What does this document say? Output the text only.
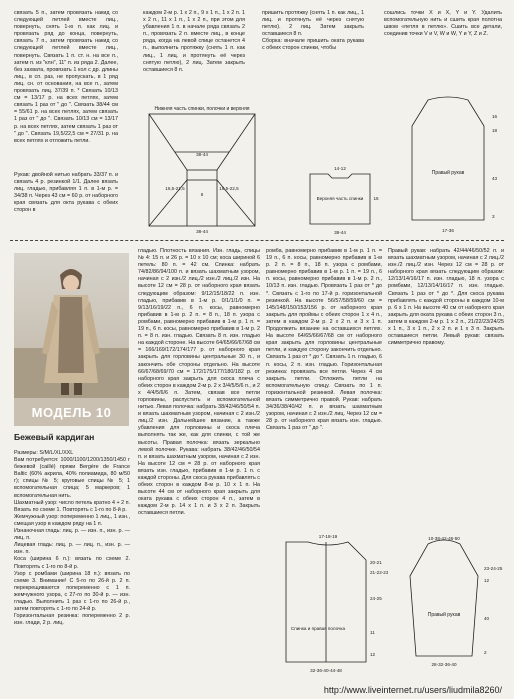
связать 5 п., затем провязать накид со следующей петлей вместе лиц., повернуть, снять 1-ю п. как лиц. и провязать ряд до конца, повернуть, связать 7 п., затем провязать накид со следующей петлей вместе лиц., повернуть. Связать 1 п. ст. н. на все п., затем п. из "клн", 11" п. из ряда 2. Далее, без захвата, провязать 1 кол с др. длины лиц., в сп. раз, не пропускать, в 1 ряд лиц. сн. от основания, на все п., затем провязать лиц. 37/39 п. * Связать 10/13 см = 13/17 р. на всех петлях, затем связать 1 раз от " до ". Связать 38/44 см = 55/61 р. на всех петлях, затем связать 1 раз от " до ". Связать 10/13 см = 13/17 р. на всех петлях, затем связать 1 раз от " до ". Связать 19,5/22,5 см = 27/31 р. на всех петлях и отложить петли.

Рукав: двойной нитью набрать 33/37 п. и связать 4 р. резинкой 1/1. Далее вязать лиц. гладью, прибавляя 1 п. в 1-м р. = 34/38 п. Через 43 см = 60 р. от наборного края связать для окта рукава с обеих сторон в

каждом 2-м р. 1 x 2 п., 9 x 1 п., 1 x 2 п. 1 x 2 п., 11 x 1 п., 1 x 2 п., при этом для убавления 1 п. в начале ряда связать 2 п., провязать 2 п. вместе лиц., в конце ряда, когда на левой спице останется 4 п., выполнить протяжку (снять 1 п. как лиц., 1 лиц. и протянуть её через снятую петлю), 2 лиц. Затем закрыть оставшиеся 8 п.

пришить протяжку (снять 1 п. как лиц., 1 лиц. и протянуть её через снятую петлю). 2 лиц. Затем закрыть оставшиеся 8 п.

Сборка: вначале пришить оката рукава с обеих сторон спинки, чтобы

сошлись точки X и X, Y и Y. Удалить вспомогательную нить и сшить края полотна швом «петля в петлю». Сшить все детали, соединив точки V и V, W и W, Y и Y, Z и Z.

Нижняя часть спинки, полочки и верхняя
38-44
16,5-21,5	18,5-22,5
6
38-44
14-12
Верхняя часть спинки 16
38-44
16
18
43
3
Правый рукав
17-36
МОДЕЛЬ 10
Бежевый кардиган

Размеры: S/M/L/XL/XXL

Вам потребуется: 1000/1100/1200/1350/1450 г бежевой (caillé) пряжи Bergère de France Baltic (60% акрила, 40% полиамида, 80 м/50 г); спицы № 5; круговые спицы № 5; 1 вспомогательная спица; 5 маркеров; 1 вспомогательная нить.

Шахматный узор: число петель кратно 4 + 2 п. Вязать по схеме 1. Повторять с 1-го по 8-й р.

Жемчужный узор: попеременно 1 лиц., 1 изн., смещая узор в каждом ряду на 1 п.

Изнаночная гладь: лиц. р. — изн. п., изн. р. — лиц. п.

Лицевая гладь: лиц. р. — лиц. п., изн. р. — изн. п.

Коса (ширина 6 п.): вязать по схеме 2. Повторять с 1-го по 8-й р.

Узор с ромбами (ширина 18 п.): вязать по схеме 3. Внимание! С 5-го по 26-й р. 2 п. перекрещиваются попеременно с 1 п. жемчужного узора, с 27-го по 30-й р. — изн. гладью. Выполнить 1 раз с 1-го по 26-й р., затем повторять с 1-го по 24-й р.

Горизонтальная резинка: попеременно 2 р. изн. глади, 2 р. лиц.

гладью. Плотность вязания. Изн. гладь, спицы № 4: 15 п. и 26 р. = 10 х 10 см; коса шириной 6 петель: 80 п. = 42 см. Спинка: набрать 74/82/86/94/100 п. и вязать шахматным узором, начиная с 2 изн./2 лиц./2 изн./2 лиц./2 изн. На высоте 12 см = 28 р. от наборного края вязать следующим образом: 9/12/15/18/22 п. изн. гладью, прибавив в 1-м р. 0/1/1/1/0 п. = 9/13/16/19/22 п., 6 п. косы, равномерно прибавив в 1-м р. 2 п. = 8 п., 18 п. узора с ромбами, равномерно прибавив в 1-м р. 1 п. = 19 п., 6 п. косы, равномерно прибавив в 1-м р. 2 п. = 8 п. изн. гладью. Связать 8 п. изн. гладью на каждой стороне. На высоте 64/65/66/67/68 см = 166/169/172/174/177 р. от наборного края закрыть для горловины центральные 30 п., и закончить обе стороны отдельно. На высоте 66/67/68/69/70 см = 172/175/177/180/182 р. от наборного края закрыть для скоса плеча с обеих сторон в каждом 2-м р. 2 x 3/4/5/5/6 п., и 2 х 4/4/5/6/6 п. Затем, связав все петли горловины, распустить и вспомогательной нитью. Левая полочка: набрать 38/42/46/50/54 п. и вязать шахматным узором, начиная с 2 изн./2 лиц./2 изн. Дальнейшее вязание, а также убавления для горловины и скоса плеча выполнять так же, как для спинки, с той же высоты. Правая полочка: вязать зеркально левой полочке. Рукава: набрать 38/42/46/50/54 п. и вязать шахматным узором, начиная с 2 изн. На высоте 12 см = 28 р. от наборного края вязать изн. гладью, прибавив в 1-м р. 1 п. с каждой стороны. Для скоса рукава прибавлять с обеих сторон в каждом 8-м р. 10 x 1 п. На высоте 44 см от наборного края закрыть для оката рукава с обеих сторон 4 п., затем в каждом 2-м р. 14 x 1 п. и 3 x 2 п. Закрыть оставшиеся петли.

ромба, равномерно прибавив в 1-м р. 1 п. = 19 п., 6 п. косы, равномерно прибавив в 1-м р. 2 п. = 8 п., 18 п. узора с ромбами, равномерно прибавив в 1-м р. 1 п. = 19 п., 6 п. косы, равномерно прибавив в 1-м р. 2 п., 10/13 п. изн. гладью. Провязать 1 раз от * до *. Связать с 1-го по 17-й р. горизонтальной резинкой. На высоте 56/57/58/59/60 см = 145/148/150/153/156 р. от наборного края закрыть для проймы с обеих сторон 1 x 4 п., затем в каждом 2-м р. 2 x 2 п. и 3 x 1 п. Продолжить вязание на оставшихся петлях. На высоте 64/65/66/67/68 см от наборного края закрыть для горловины центральные петли, и каждую сторону закончить отдельно. Связать 1 раз от * до *. Связать 1 п. гладью, 6 п. косы, 2 п. изн. гладью. Горизонтальная резинка: провязать все петли. Через 4 см закрыть петли. Отложить петли на вспомогательную спицу. Связать по 1 п. горизонтальной резинкой. Левая полочка: вязать симметрично правой. Рукав: набрать 34/36/38/40/42 п. и вязать шахматным узором, начиная с 2 изн./2 лиц. Через 12 см = 28 р. от наборного края вязать изн. гладью. Связать 1 раз от " до ".

Правый рукав: набрать 42/44/46/50/52 п. и вязать шахматным узором, начиная с 2 лиц./2 изн./2 лиц./2 изн. Через 12 см = 28 р. от наборного края вязать следующим образом: 12/13/14/16/17 п. изн. гладью, 18 п. узора с ромбами, 12/13/14/16/17 п. изн. гладью. Связать 1 раз от * до *. Для скоса рукава прибавлять с каждой стороны в каждом 10-м р. 6 x 1 п. На высоте 40 см от наборного края закрыть для оката рукава с обеих сторон 3 п., затем в каждом 2-м р. 1 x 2 п., 21/22/23/24/25 x 1 п., 3 x 1 п., 2 х 2 п. и 1 х 3 п. Закрыть оставшиеся петли. Левый рукав: связать симметрично правому.

17-18-19
20-21
21-22-23
24-25
11
12
Спинка и правая полочка
32-36-40-44-48
10-38-42-46-50
23-24-25
12
40
2
Правый рукав
28-32-36-40
http://www.liveinternet.ru/users/liudmila8260/
